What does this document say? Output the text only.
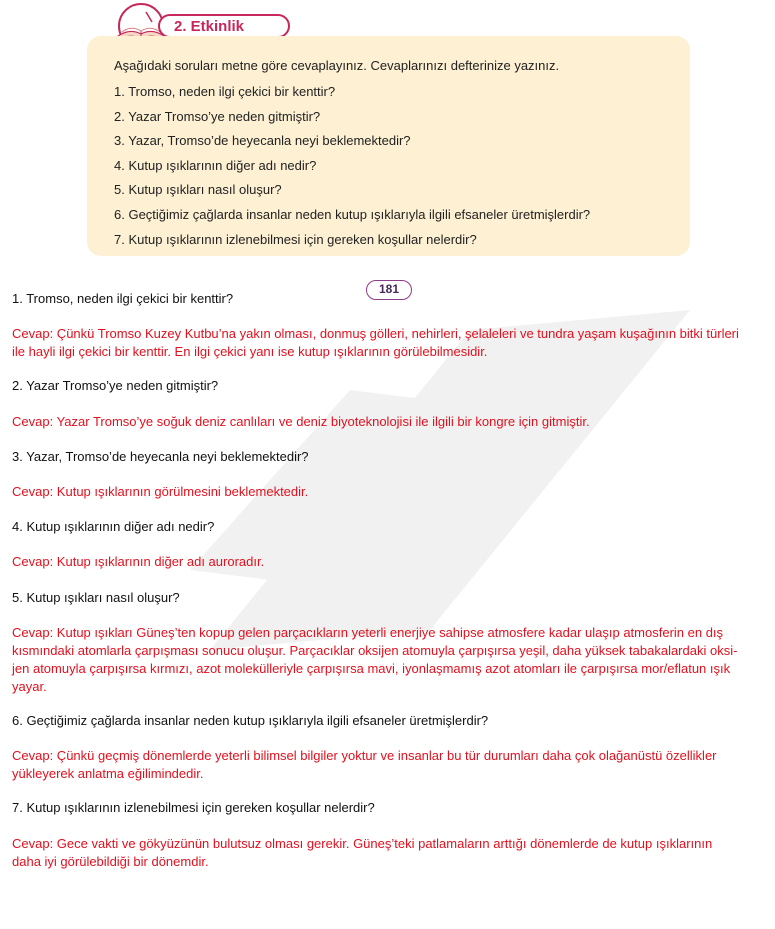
2. Etkinlik
Aşağıdaki soruları metne göre cevaplayınız. Cevaplarınızı defterinize yazınız.
1. Tromso, neden ilgi çekici bir kenttir?
2. Yazar Tromso’ye neden gitmiştir?
3. Yazar, Tromso’de heyecanla neyi beklemektedir?
4. Kutup ışıklarının diğer adı nedir?
5. Kutup ışıkları nasıl oluşur?
6. Geçtiğimiz çağlarda insanlar neden kutup ışıklarıyla ilgili efsaneler üretmişlerdir?
7. Kutup ışıklarının izlenebilmesi için gereken koşullar nelerdir?
181
1. Tromso, neden ilgi çekici bir kenttir?
Cevap: Çünkü Tromso Kuzey Kutbu’na yakın olması, donmuş gölleri, nehirleri, şelaleleri ve tundra yaşam kuşağının bitki türleri
ile hayli ilgi çekici bir kenttir. En ilgi çekici yanı ise kutup ışıklarının görülebilmesidir.
2. Yazar Tromso’ye neden gitmiştir?
Cevap: Yazar Tromso’ye soğuk deniz canlıları ve deniz biyoteknolojisi ile ilgili bir kongre için gitmiştir.
3. Yazar, Tromso’de heyecanla neyi beklemektedir?
Cevap: Kutup ışıklarının görülmesini beklemektedir.
4. Kutup ışıklarının diğer adı nedir?
Cevap: Kutup ışıklarının diğer adı auroradır.
5. Kutup ışıkları nasıl oluşur?
Cevap: Kutup ışıkları Güneş’ten kopup gelen parçacıkların yeterli enerjiye sahipse atmosfere kadar ulaşıp atmosferin en dış
kısmındaki atomlarla çarpışması sonucu oluşur. Parçacıklar oksijen atomuyla çarpışırsa yeşil, daha yüksek tabakalardaki oksi-
jen atomuyla çarpışırsa kırmızı, azot molekülleriyle çarpışırsa mavi, iyonlaşmamış azot atomları ile çarpışırsa mor/eflatun ışık
yayar.
6. Geçtiğimiz çağlarda insanlar neden kutup ışıklarıyla ilgili efsaneler üretmişlerdir?
Cevap: Çünkü geçmiş dönemlerde yeterli bilimsel bilgiler yoktur ve insanlar bu tür durumları daha çok olağanüstü özellikler
yükleyerek anlatma eğilimindedir.
7. Kutup ışıklarının izlenebilmesi için gereken koşullar nelerdir?
Cevap: Gece vakti ve gökyüzünün bulutsuz olması gerekir. Güneş’teki patlamaların arttığı dönemlerde de kutup ışıklarının
daha iyi görülebildiği bir dönemdir.
